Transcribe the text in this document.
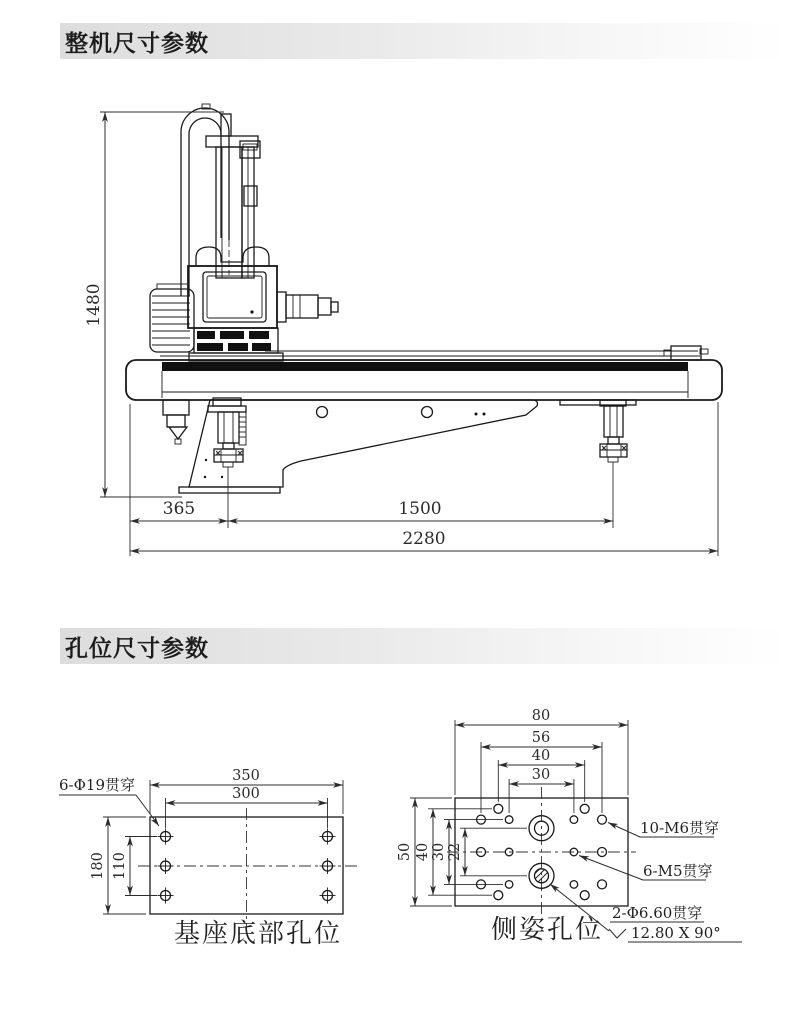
整机尺寸参数
孔位尺寸参数
1480
365	1500
2280
350
300
180 110
6-Φ19贯穿
基座底部孔位
80
56
40
30
50 40 30 22
10-M6贯穿
6-M5贯穿
2-Φ6.60贯穿
12.80 X 90°
侧姿孔位
